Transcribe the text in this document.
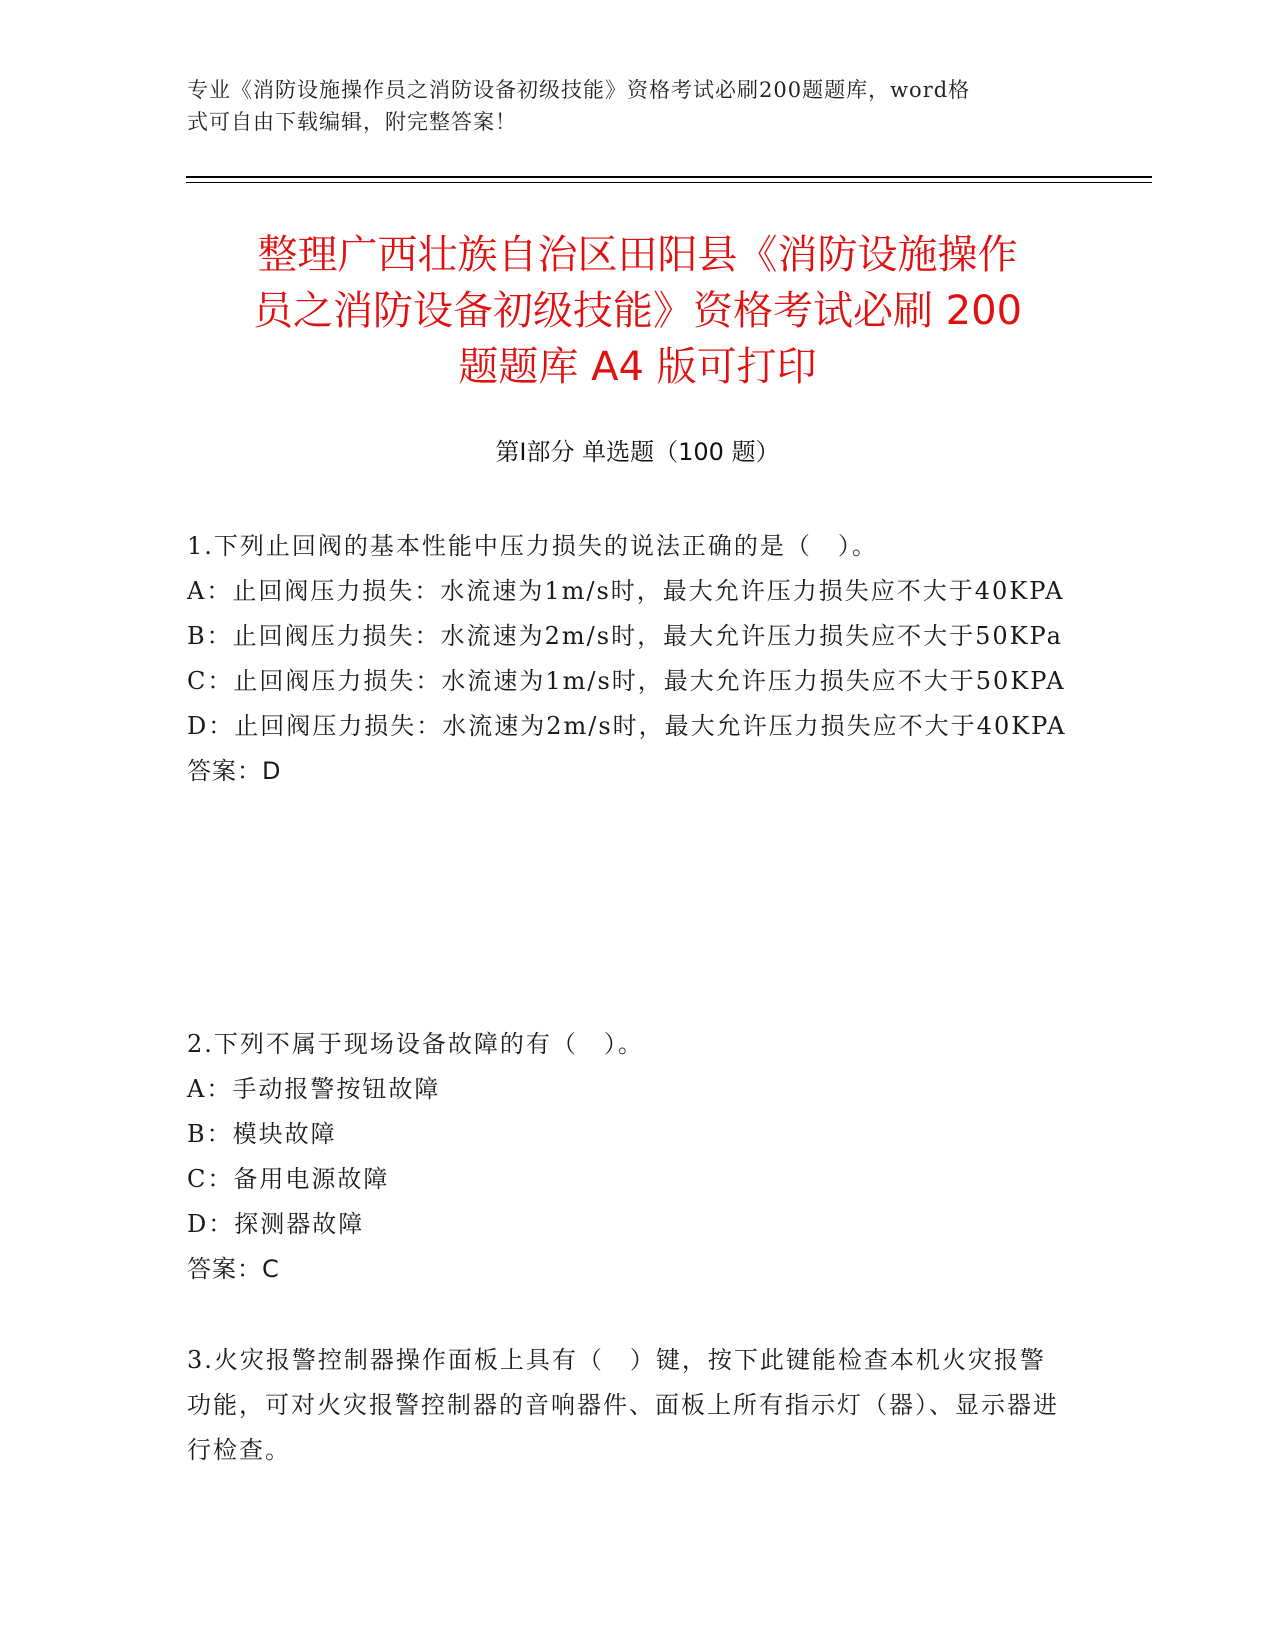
专业《消防设施操作员之消防设备初级技能》资格考试必刷200题题库，word格
式可自由下载编辑，附完整答案！
整理广西壮族自治区田阳县《消防设施操作
员之消防设备初级技能》资格考试必刷 200
题题库 A4 版可打印
第Ⅰ部分 单选题（100 题）

1.下列止回阀的基本性能中压力损失的说法正确的是（　）。

A：止回阀压力损失：水流速为1m/s时，最大允许压力损失应不大于40KPA

B：止回阀压力损失：水流速为2m/s时，最大允许压力损失应不大于50KPa

C：止回阀压力损失：水流速为1m/s时，最大允许压力损失应不大于50KPA

D：止回阀压力损失：水流速为2m/s时，最大允许压力损失应不大于40KPA

答案：D

2.下列不属于现场设备故障的有（　）。

A：手动报警按钮故障

B：模块故障

C：备用电源故障

D：探测器故障

答案：C

3.火灾报警控制器操作面板上具有（　）键，按下此键能检查本机火灾报警功能，可对火灾报警控制器的音响器件、面板上所有指示灯（器）、显示器进行检查。
